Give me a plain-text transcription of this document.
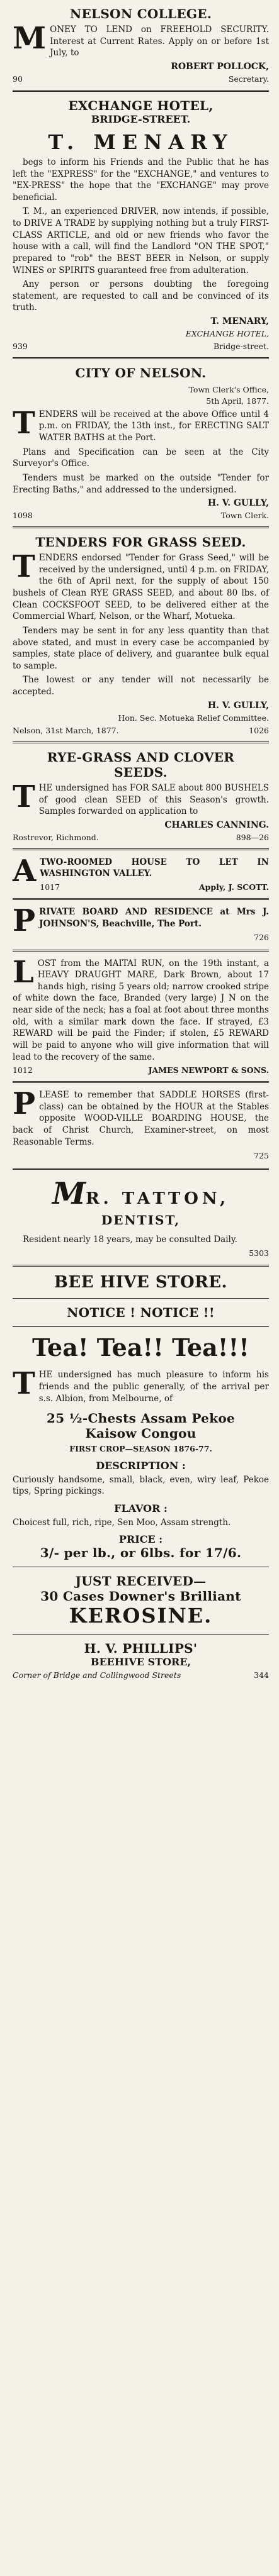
NELSON COLLEGE.
M ONEY TO LEND on FREEHOLD SECURITY. Interest at Current Rates. Apply on or before 1st July, to
ROBERT POLLOCK,
90	Secretary.
EXCHANGE HOTEL,
BRIDGE-STREET.
T. MENARY
begs to inform his Friends and the Public that he has left the "EXPRESS" for the "EXCHANGE," and ventures to "EX-PRESS" the hope that the "EXCHANGE" may prove beneficial.
T. M., an experienced DRIVER, now intends, if possible, to DRIVE A TRADE by supplying nothing but a truly FIRST-CLASS ARTICLE, and old or new friends who favor the house with a call, will find the Landlord "ON THE SPOT," prepared to "rob" the BEST BEER in Nelson, or supply WINES or SPIRITS guaranteed free from adulteration.
Any person or persons doubting the foregoing statement, are requested to call and be convinced of its truth.
T. MENARY,
EXCHANGE HOTEL,
939	Bridge-street.
CITY OF NELSON.
Town Clerk's Office,
5th April, 1877.
T ENDERS will be received at the above Office until 4 p.m. on FRIDAY, the 13th inst., for ERECTING SALT WATER BATHS at the Port.
Plans and Specification can be seen at the City Surveyor's Office.
Tenders must be marked on the outside "Tender for Erecting Baths," and addressed to the undersigned.
H. V. GULLY,
1098	Town Clerk.
TENDERS FOR GRASS SEED.
T ENDERS endorsed "Tender for Grass Seed," will be received by the undersigned, until 4 p.m. on FRIDAY, the 6th of April next, for the supply of about 150 bushels of Clean RYE GRASS SEED, and about 80 lbs. of Clean COCKSFOOT SEED, to be delivered either at the Commercial Wharf, Nelson, or the Wharf, Motueka.
Tenders may be sent in for any less quantity than that above stated, and must in every case be accompanied by samples, state place of delivery, and guarantee bulk equal to sample.
The lowest or any tender will not necessarily be accepted.
H. V. GULLY,
Hon. Sec. Motueka Relief Committee.
Nelson, 31st March, 1877.	1026
RYE-GRASS AND CLOVER
SEEDS.
T HE undersigned has FOR SALE about 800 BUSHELS of good clean SEED of this Season's growth. Samples forwarded on application to
CHARLES CANNING.
Rostrevor, Richmond.	898—26
A TWO-ROOMED HOUSE TO LET IN WASHINGTON VALLEY.
1017	Apply, J. SCOTT.
P RIVATE BOARD AND RESIDENCE at Mrs J. JOHNSON'S, Beachville, The Port.
726
L OST from the MAITAI RUN, on the 19th instant, a HEAVY DRAUGHT MARE, Dark Brown, about 17 hands high, rising 5 years old; narrow crooked stripe of white down the face, Branded (very large) J N on the near side of the neck; has a foal at foot about three months old, with a similar mark down the face. If strayed, £3 REWARD will be paid the Finder; if stolen, £5 REWARD will be paid to anyone who will give information that will lead to the recovery of the same.
1012	JAMES NEWPORT & SONS.
P LEASE to remember that SADDLE HORSES (first-class) can be obtained by the HOUR at the Stables opposite WOOD-VILLE BOARDING HOUSE, the back of Christ Church, Examiner-street, on most Reasonable Terms.
725
MR. TATTON,
DENTIST,
Resident nearly 18 years, may be consulted Daily.
5303
BEE HIVE STORE.
NOTICE ! NOTICE !!
Tea! Tea!! Tea!!!
T HE undersigned has much pleasure to inform his friends and the public generally, of the arrival per s.s. Albion, from Melbourne, of
25 ½-Chests Assam Pekoe
Kaisow Congou
FIRST CROP—SEASON 1876-77.
DESCRIPTION :
Curiously handsome, small, black, even, wiry leaf, Pekoe tips, Spring pickings.
FLAVOR :
Choicest full, rich, ripe, Sen Moo, Assam strength.
PRICE :
3/- per lb., or 6lbs. for 17/6.
JUST RECEIVED—
30 Cases Downer's Brilliant
KEROSINE.
H. V. PHILLIPS'
BEEHIVE STORE,
Corner of Bridge and Collingwood Streets	344
